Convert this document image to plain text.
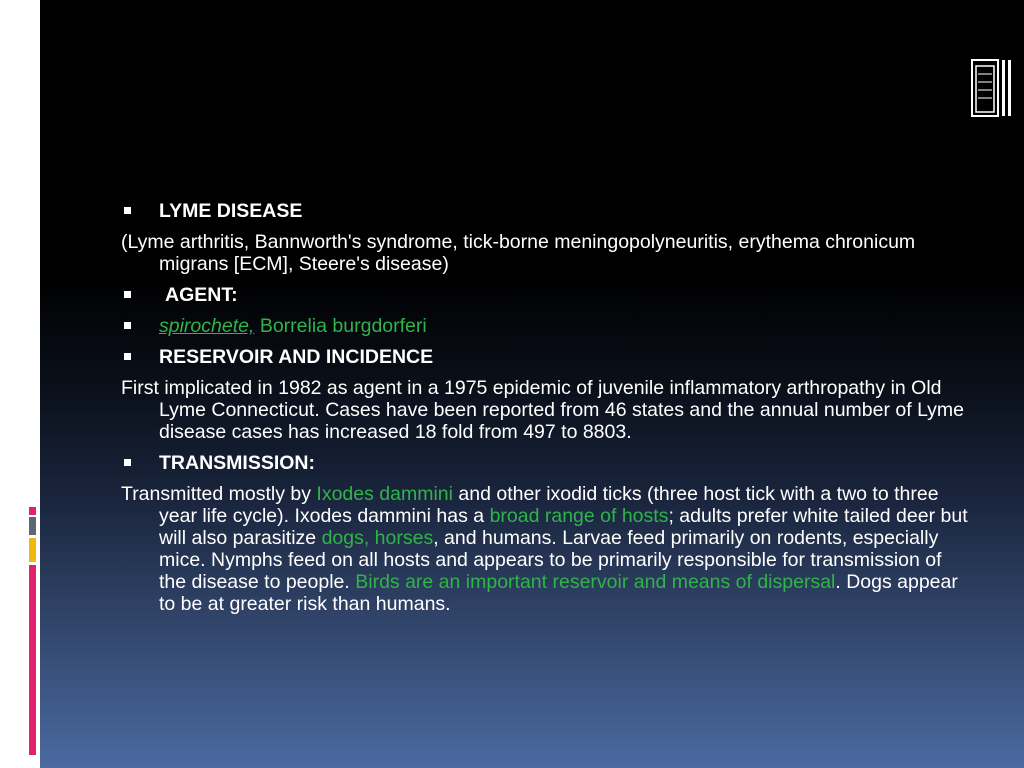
LYME DISEASE
(Lyme arthritis, Bannworth's syndrome, tick-borne meningopolyneuritis, erythema chronicum migrans [ECM], Steere's disease)
AGENT:
spirochete, Borrelia burgdorferi
RESERVOIR AND INCIDENCE
First implicated in 1982 as agent in a 1975 epidemic of juvenile inflammatory arthropathy in Old Lyme Connecticut. Cases have been reported from 46 states and the annual number of Lyme disease cases has increased 18 fold from 497 to 8803.
TRANSMISSION:
Transmitted mostly by Ixodes dammini and other ixodid ticks (three host tick with a two to three year life cycle). Ixodes dammini has a broad range of hosts; adults prefer white tailed deer but will also parasitize dogs, horses, and humans. Larvae feed primarily on rodents, especially mice. Nymphs feed on all hosts and appears to be primarily responsible for transmission of the disease to people. Birds are an important reservoir and means of dispersal. Dogs appear to be at greater risk than humans.
